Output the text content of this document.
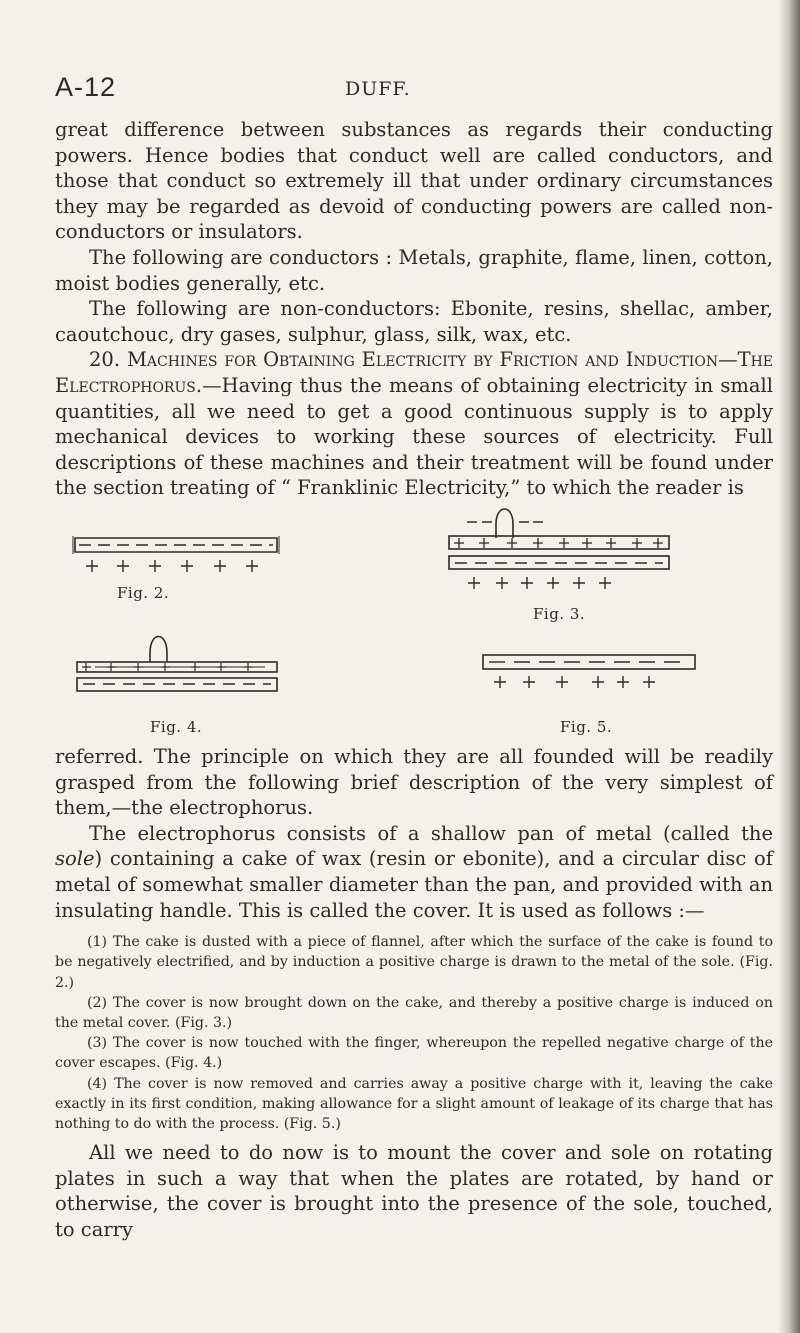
A-12	DUFF.

great difference between substances as regards their conducting powers. Hence bodies that conduct well are called conductors, and those that conduct so extremely ill that under ordinary circumstances they may be regarded as devoid of conducting powers are called non-conductors or insulators.

The following are conductors : Metals, graphite, flame, linen, cotton, moist bodies generally, etc.

The following are non-conductors: Ebonite, resins, shellac, amber, caoutchouc, dry gases, sulphur, glass, silk, wax, etc.

20. Machines for Obtaining Electricity by Friction and Induction—The Electrophorus.—Having thus the means of obtaining electricity in small quantities, all we need to get a good continuous supply is to apply mechanical devices to working these sources of electricity. Full descriptions of these machines and their treatment will be found under the section treating of “ Franklinic Electricity,” to which the reader is

Fig. 2.
Fig. 3.
Fig. 4.	Fig. 5.

referred. The principle on which they are all founded will be readily grasped from the following brief description of the very simplest of them,—the electrophorus.

The electrophorus consists of a shallow pan of metal (called the sole) containing a cake of wax (resin or ebonite), and a circular disc of metal of somewhat smaller diameter than the pan, and provided with an insulating handle. This is called the cover. It is used as follows :—

(1) The cake is dusted with a piece of flannel, after which the surface of the cake is found to be negatively electrified, and by induction a positive charge is drawn to the metal of the sole. (Fig. 2.)

(2) The cover is now brought down on the cake, and thereby a positive charge is induced on the metal cover. (Fig. 3.)

(3) The cover is now touched with the finger, whereupon the repelled negative charge of the cover escapes. (Fig. 4.)

(4) The cover is now removed and carries away a positive charge with it, leaving the cake exactly in its first condition, making allowance for a slight amount of leakage of its charge that has nothing to do with the process. (Fig. 5.)

All we need to do now is to mount the cover and sole on rotating plates in such a way that when the plates are rotated, by hand or otherwise, the cover is brought into the presence of the sole, touched, to carry
